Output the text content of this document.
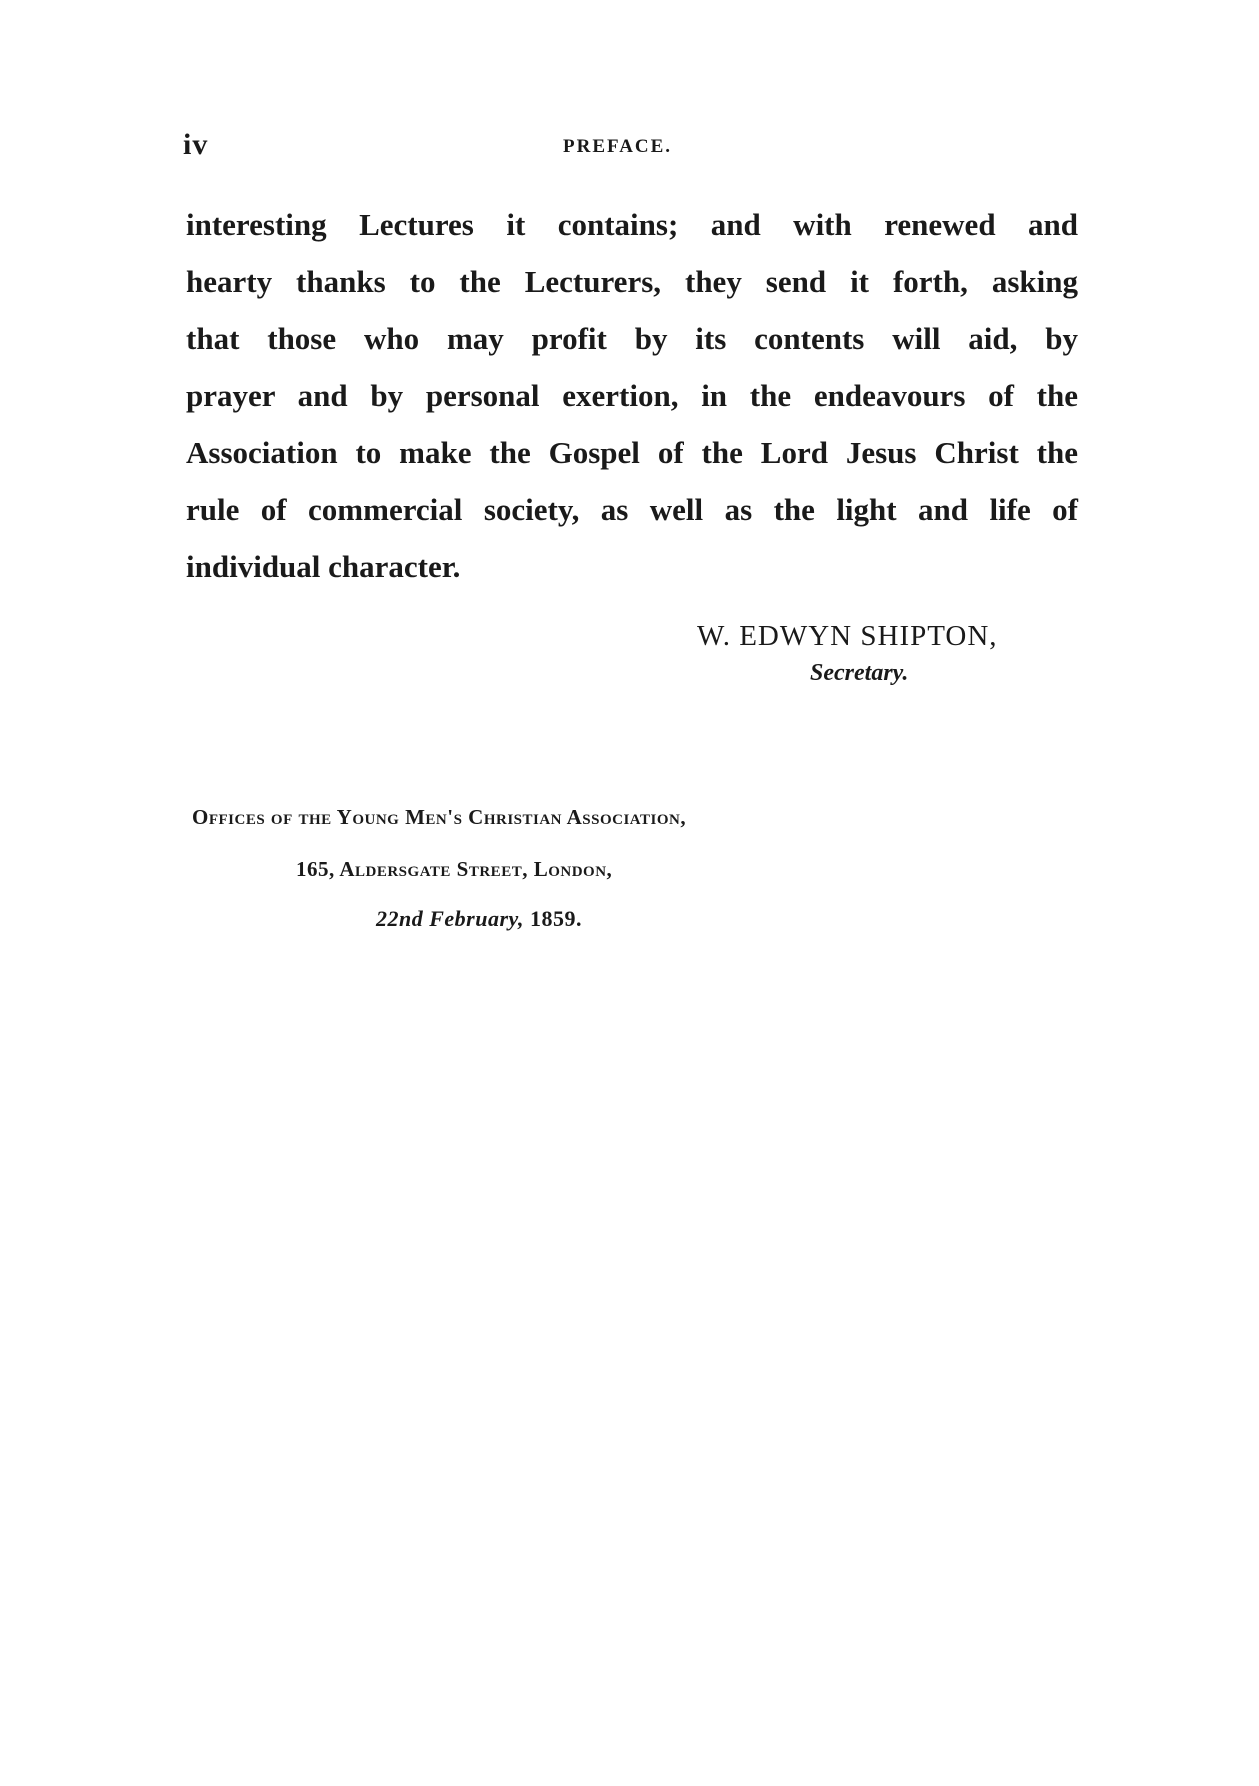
iv	PREFACE.
interesting Lectures it contains; and with renewed and
hearty thanks to the Lecturers, they send it forth, asking
that those who may profit by its contents will aid, by
prayer and by personal exertion, in the endeavours of the
Association to make the Gospel of the Lord Jesus Christ the
rule of commercial society, as well as the light and life of
individual character.
W. EDWYN SHIPTON,
Secretary.
Offices of the Young Men's Christian Association,
165, Aldersgate Street, London,
22nd February, 1859.
